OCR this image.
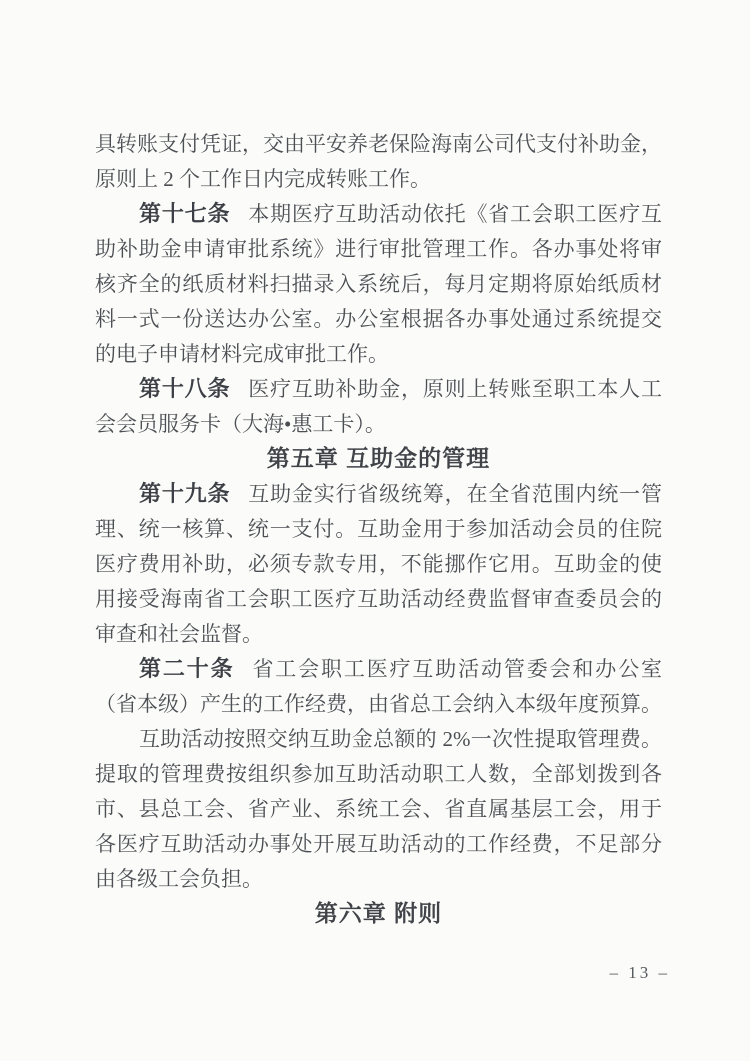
具转账支付凭证，交由平安养老保险海南公司代支付补助金，

原则上 2 个工作日内完成转账工作。

第十七条 本期医疗互助活动依托《省工会职工医疗互

助补助金申请审批系统》进行审批管理工作。各办事处将审

核齐全的纸质材料扫描录入系统后，每月定期将原始纸质材

料一式一份送达办公室。办公室根据各办事处通过系统提交

的电子申请材料完成审批工作。

第十八条 医疗互助补助金，原则上转账至职工本人工

会会员服务卡（大海•惠工卡）。

第五章 互助金的管理

第十九条 互助金实行省级统筹，在全省范围内统一管

理、统一核算、统一支付。互助金用于参加活动会员的住院

医疗费用补助，必须专款专用，不能挪作它用。互助金的使

用接受海南省工会职工医疗互助活动经费监督审查委员会的

审查和社会监督。

第二十条 省工会职工医疗互助活动管委会和办公室

（省本级）产生的工作经费，由省总工会纳入本级年度预算。

互助活动按照交纳互助金总额的 2%一次性提取管理费。

提取的管理费按组织参加互助活动职工人数，全部划拨到各

市、县总工会、省产业、系统工会、省直属基层工会，用于

各医疗互助活动办事处开展互助活动的工作经费，不足部分

由各级工会负担。

第六章 附则

– 13 –
